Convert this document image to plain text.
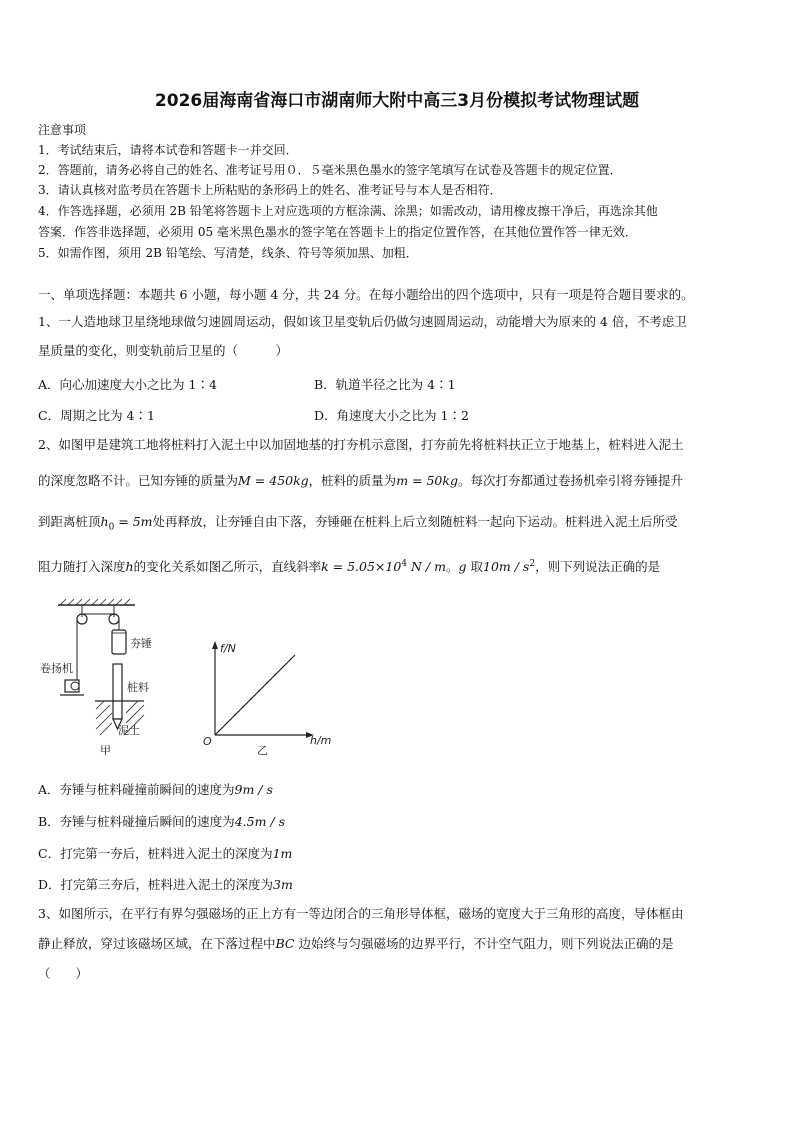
2026届海南省海口市湖南师大附中高三3月份模拟考试物理试题
注意事项
1．考试结束后，请将本试卷和答题卡一并交回．
2．答题前，请务必将自己的姓名、准考证号用０．５毫米黑色墨水的签字笔填写在试卷及答题卡的规定位置．
3．请认真核对监考员在答题卡上所粘贴的条形码上的姓名、准考证号与本人是否相符．
4．作答选择题，必须用 2B 铅笔将答题卡上对应选项的方框涂满、涂黑；如需改动，请用橡皮擦干净后，再选涂其他
答案．作答非选择题，必须用 05 毫米黑色墨水的签字笔在答题卡上的指定位置作答，在其他位置作答一律无效．
5．如需作图，须用 2B 铅笔绘、写清楚，线条、符号等须加黑、加粗．
一、单项选择题：本题共 6 小题，每小题 4 分，共 24 分。在每小题给出的四个选项中，只有一项是符合题目要求的。
1、一人造地球卫星绕地球做匀速圆周运动，假如该卫星变轨后仍做匀速圆周运动，动能增大为原来的 4 倍，不考虑卫
星质量的变化，则变轨前后卫星的（　　　）
A．向心加速度大小之比为 1∶4	B．轨道半径之比为 4∶1
C．周期之比为 4∶1	D．角速度大小之比为 1∶2
2、如图甲是建筑工地将桩料打入泥土中以加固地基的打夯机示意图，打夯前先将桩料扶正立于地基上，桩料进入泥土
的深度忽略不计。已知夯锤的质量为M = 450kg，桩料的质量为m = 50kg。每次打夯都通过卷扬机牵引将夯锤提升
到距离桩顶$h_0 = 5m$处再释放，让夯锤自由下落，夯锤砸在桩料上后立刻随桩料一起向下运动。桩料进入泥土后所受
阻力随打入深度h的变化关系如图乙所示，直线斜率$k = 5.05\times 10^4$ N / m。g 取$10m / s^2$，则下列说法正确的是
夯锤
卷扬机
桩料
泥土
甲
f/N
h/m
O
乙
A．夯锤与桩料碰撞前瞬间的速度为9m / s
B．夯锤与桩料碰撞后瞬间的速度为4.5m / s
C．打完第一夯后，桩料进入泥土的深度为1m
D．打完第三夯后，桩料进入泥土的深度为3m
3、如图所示，在平行有界匀强磁场的正上方有一等边闭合的三角形导体框，磁场的宽度大于三角形的高度，导体框由
静止释放，穿过该磁场区域，在下落过程中BC 边始终与匀强磁场的边界平行，不计空气阻力，则下列说法正确的是
（　　）
